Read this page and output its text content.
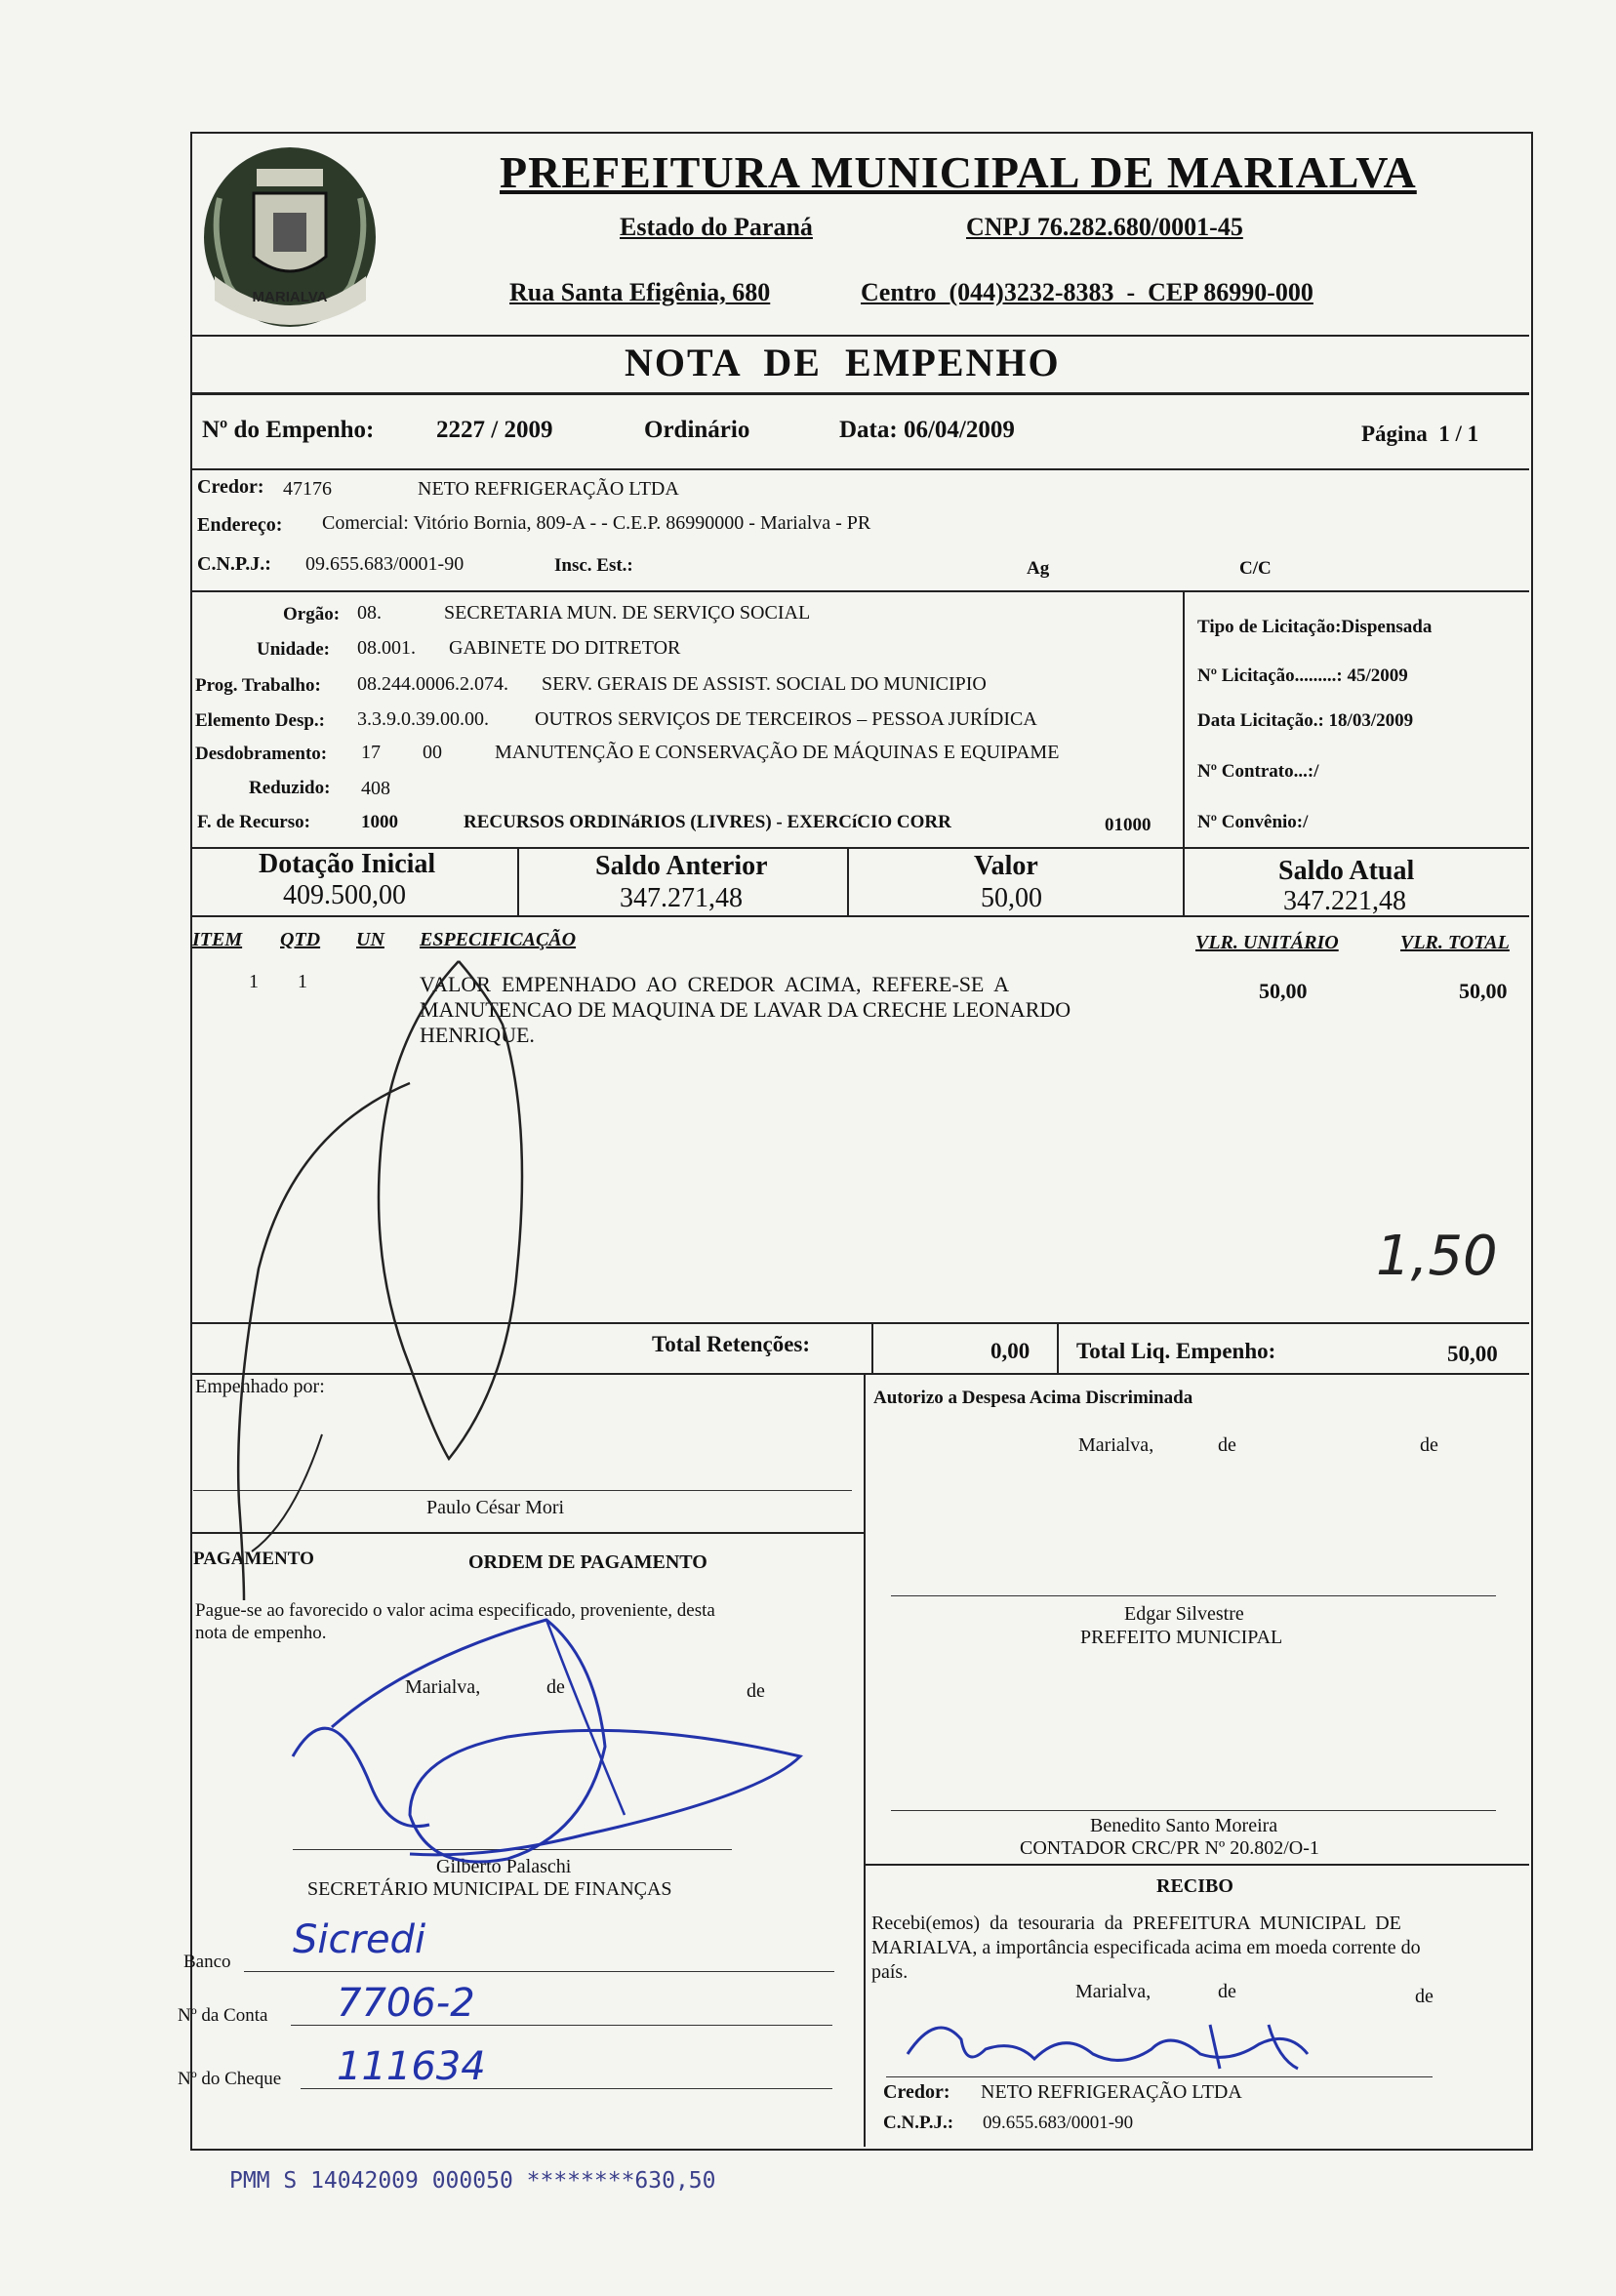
MARIALVA
PREFEITURA MUNICIPAL DE MARIALVA
Estado do Paraná	CNPJ 76.282.680/0001-45
Rua Santa Efigênia, 680	Centro  (044)3232-8383  -  CEP 86990-000
NOTA  DE  EMPENHO
Nº do Empenho:	2227 / 2009	Ordinário	Data: 06/04/2009	Página  1 / 1
Credor: 47176	NETO REFRIGERAÇÃO LTDA
Endereço: Comercial: Vitório Bornia, 809-A - - C.E.P. 86990000 - Marialva - PR
C.N.P.J.: 09.655.683/0001-90	Insc. Est.:	Ag	C/C
Orgão: 08.	SECRETARIA MUN. DE SERVIÇO SOCIAL
Unidade: 08.001. GABINETE DO DITRETOR
Prog. Trabalho: 08.244.0006.2.074. SERV. GERAIS DE ASSIST. SOCIAL DO MUNICIPIO
Elemento Desp.: 3.3.9.0.39.00.00. OUTROS SERVIÇOS DE TERCEIROS – PESSOA JURÍDICA
Desdobramento: 17 00	MANUTENÇÃO E CONSERVAÇÃO DE MÁQUINAS E EQUIPAME
Reduzido: 408
F. de Recurso:	1000	RECURSOS ORDINáRIOS (LIVRES) - EXERCíCIO CORR	01000
Tipo de Licitação:Dispensada
Nº Licitação.........: 45/2009
Data Licitação.: 18/03/2009
Nº Contrato...:/
Nº Convênio:/
Dotação Inicial
409.500,00
Saldo Anterior
347.271,48
Valor
50,00
Saldo Atual
347.221,48
ITEM QTD UN ESPECIFICAÇÃO	VLR. UNITÁRIO	VLR. TOTAL
1 1	VALOR  EMPENHADO  AO  CREDOR  ACIMA,  REFERE-SE  A
MANUTENCAO DE MAQUINA DE LAVAR DA CRECHE LEONARDO
HENRIQUE.
50,00	50,00
Total Retenções:	0,00 Total Liq. Empenho:	50,00
Empenhado por:
Paulo César Mori
Autorizo a Despesa Acima Discriminada
Marialva,	de	de
Edgar Silvestre
PREFEITO MUNICIPAL
Benedito Santo Moreira
CONTADOR CRC/PR Nº 20.802/O-1
PAGAMENTO	ORDEM DE PAGAMENTO
Pague-se ao favorecido o valor acima especificado, proveniente, desta
nota de empenho.
Marialva,	de	de
Gilberto Palaschi
SECRETÁRIO MUNICIPAL DE FINANÇAS
Banco Sicredi
Nº da Conta 7706-2
Nº do Cheque 111634
RECIBO
Recebi(emos)  da  tesouraria  da  PREFEITURA  MUNICIPAL  DE
MARIALVA, a importância especificada acima em moeda corrente do
país.
Marialva,	de	de
Credor: NETO REFRIGERAÇÃO LTDA
C.N.P.J.: 09.655.683/0001-90
1,50
PMM S 14042009 000050 ********630,50
